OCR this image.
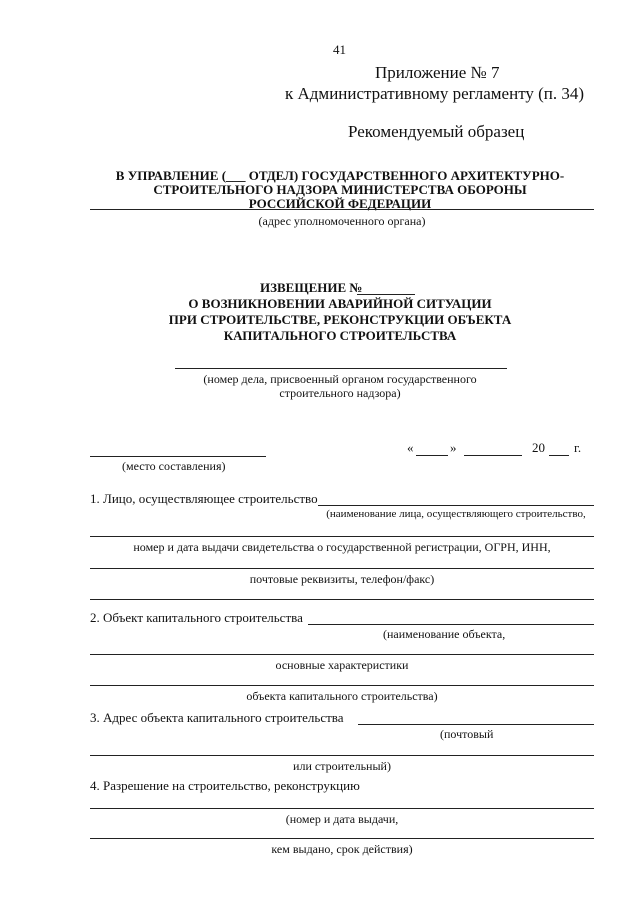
41
Приложение № 7
к Административному регламенту (п. 34)
Рекомендуемый образец
В УПРАВЛЕНИЕ (___ ОТДЕЛ) ГОСУДАРСТВЕННОГО АРХИТЕКТУРНО-
СТРОИТЕЛЬНОГО НАДЗОРА МИНИСТЕРСТВА ОБОРОНЫ
РОССИЙСКОЙ ФЕДЕРАЦИИ
(адрес уполномоченного органа)
ИЗВЕЩЕНИЕ №
О ВОЗНИКНОВЕНИИ АВАРИЙНОЙ СИТУАЦИИ
ПРИ СТРОИТЕЛЬСТВЕ, РЕКОНСТРУКЦИИ ОБЪЕКТА
КАПИТАЛЬНОГО СТРОИТЕЛЬСТВА
(номер дела, присвоенный органом государственного
строительного надзора)
(место составления)
«	»	20 г.
1. Лицо, осуществляющее строительство
(наименование лица, осуществляющего строительство,
номер и дата выдачи свидетельства о государственной регистрации, ОГРН, ИНН,
почтовые реквизиты, телефон/факс)
2. Объект капитального строительства
(наименование объекта,
основные характеристики
объекта капитального строительства)
3. Адрес объекта капитального строительства
(почтовый
или строительный)
4. Разрешение на строительство, реконструкцию
(номер и дата выдачи,
кем выдано, срок действия)
